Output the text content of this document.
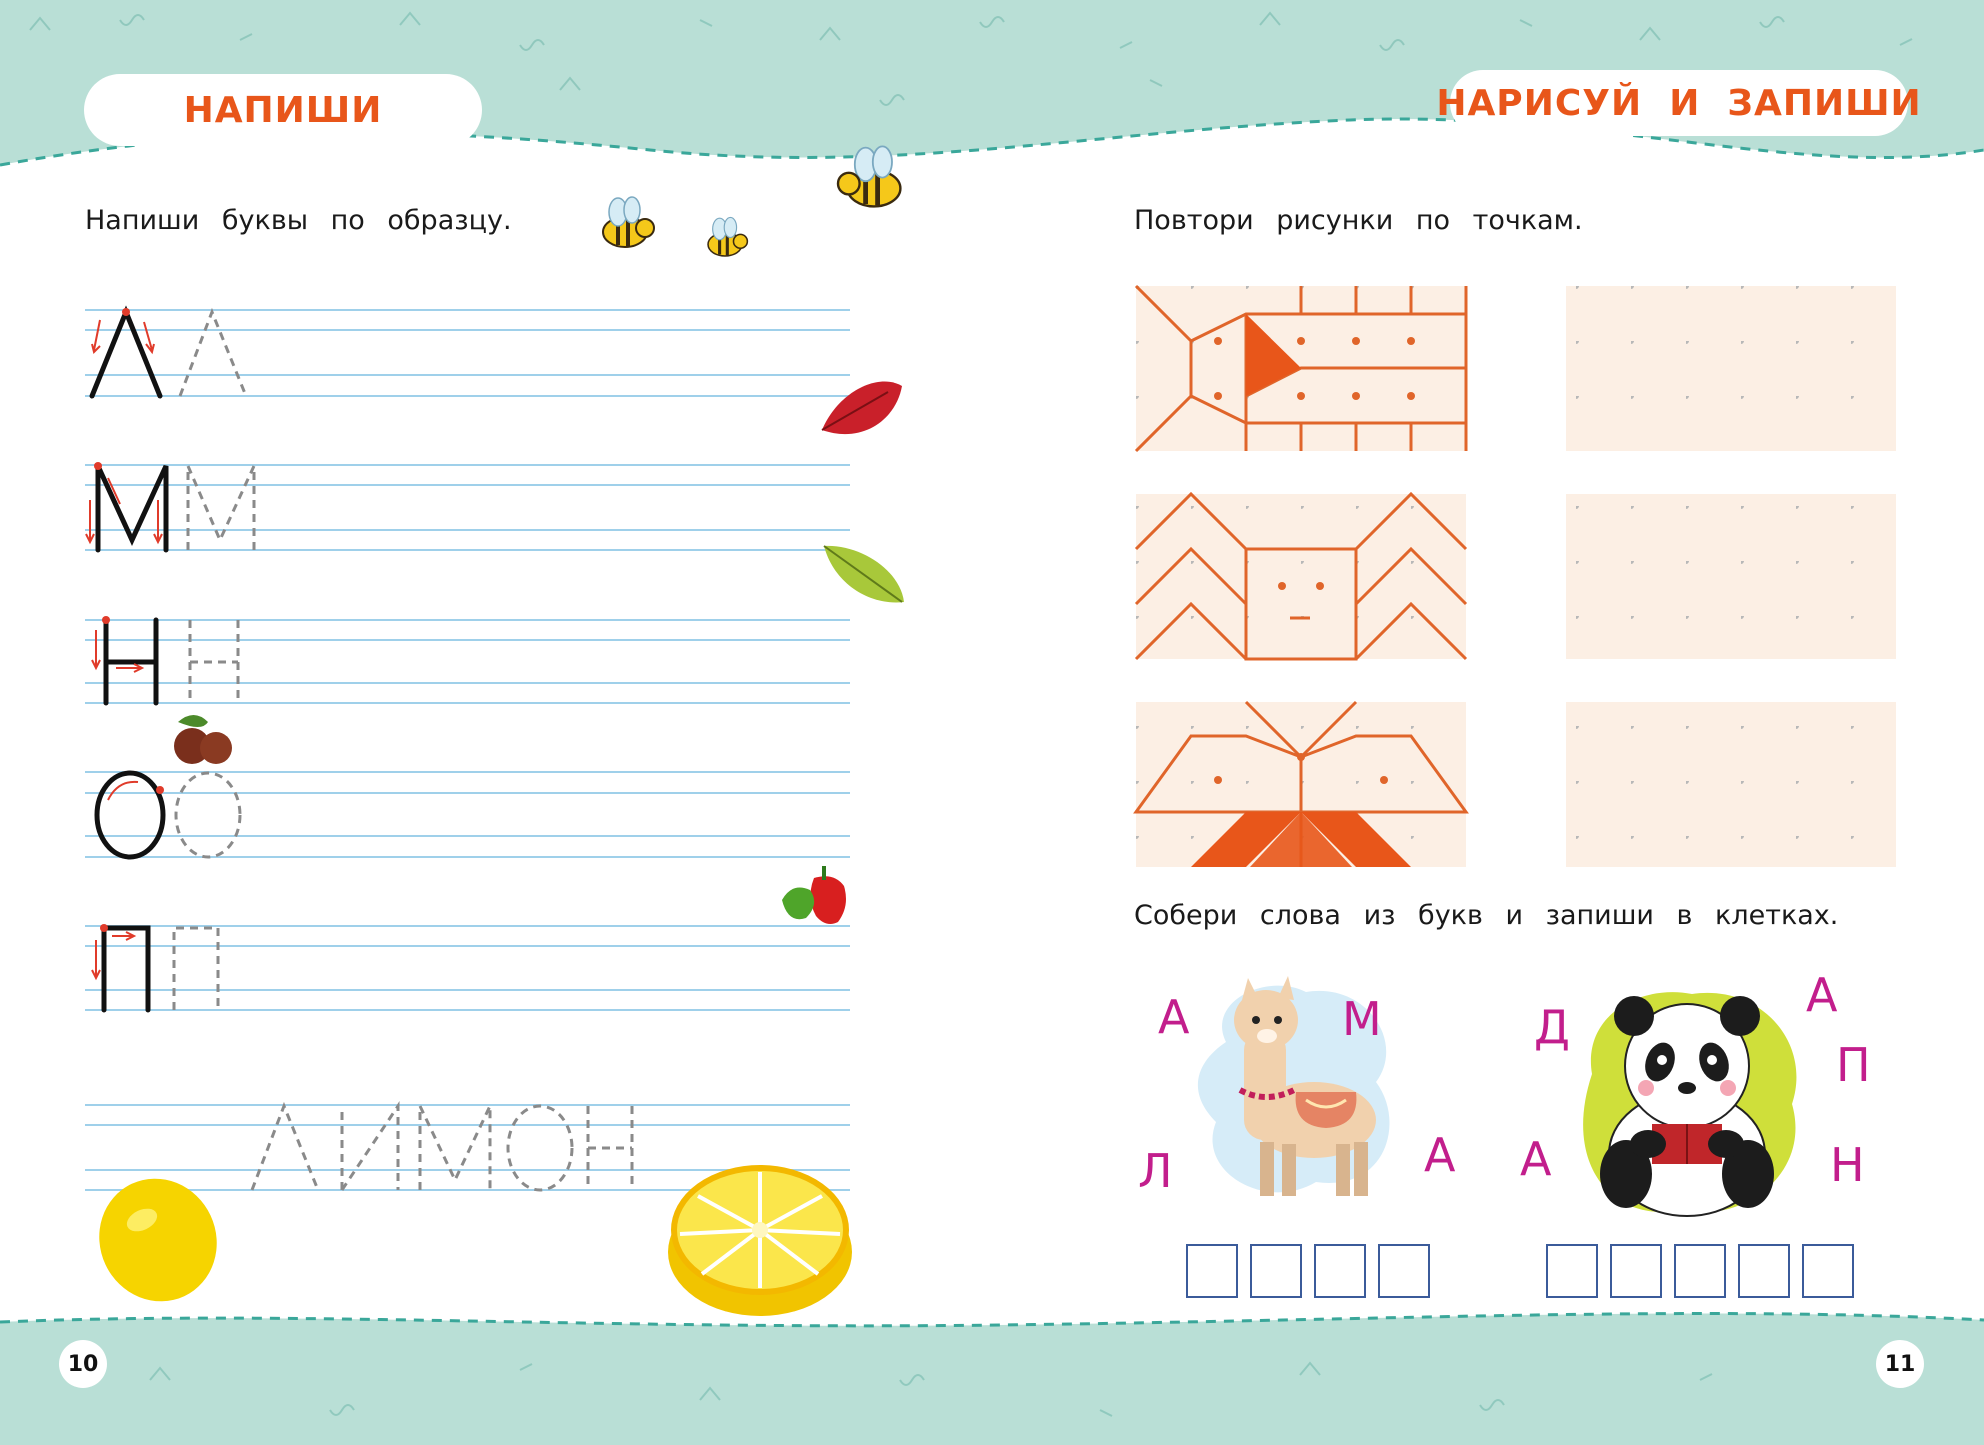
НАПИШИ	НАРИСУЙ  И  ЗАПИШИ
Напиши буквы по образцу.	Повтори рисунки по точкам.
Собери слова из букв и запиши в клетках.
А	М
Л	А
Д
А
П
А	Н
10	11
